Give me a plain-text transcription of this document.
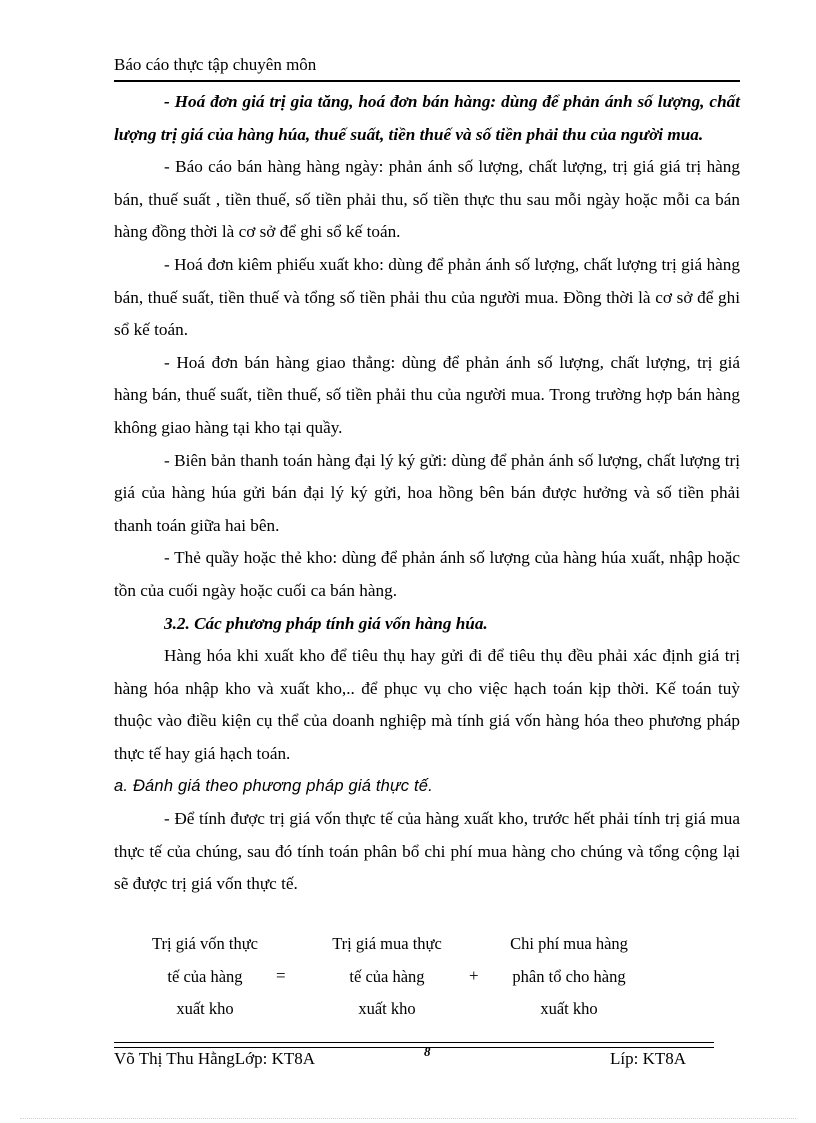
Báo cáo thực tập chuyên môn

- Hoá đơn giá trị gia tăng, hoá đơn bán hàng: dùng để phản ánh số lượng, chất lượng trị giá của hàng húa, thuế suất, tiền thuế và số tiền phải thu của người mua.

- Báo cáo bán hàng hàng ngày: phản ánh số lượng, chất lượng, trị giá giá trị hàng bán, thuế suất , tiền thuế, số tiền phải thu, số tiền thực thu sau mỗi ngày hoặc mỗi ca bán hàng đồng thời là cơ sở để ghi sổ kế toán.

- Hoá đơn kiêm phiếu xuất kho: dùng để phản ánh số lượng, chất lượng trị giá hàng bán, thuế suất, tiền thuế và tổng số tiền phải thu của người mua. Đồng thời là cơ sở để ghi sổ kế toán.

- Hoá đơn bán hàng giao thẳng: dùng để phản ánh số lượng, chất lượng, trị giá hàng bán, thuế suất, tiền thuế, số tiền phải thu của người mua. Trong trường hợp bán hàng không giao hàng tại kho tại quầy.

- Biên bản thanh toán hàng đại lý ký gửi: dùng để phản ánh số lượng, chất lượng trị giá của hàng húa gửi bán đại lý ký gửi, hoa hồng bên bán được hưởng và số tiền phải thanh toán giữa hai bên.

- Thẻ quầy hoặc thẻ kho: dùng để phản ánh số lượng của hàng húa xuất, nhập hoặc tồn của cuối ngày hoặc cuối ca bán hàng.

3.2. Các phương pháp tính giá vốn hàng húa.

Hàng hóa khi xuất kho để tiêu thụ hay gửi đi để tiêu thụ đều phải xác định giá trị hàng hóa nhập kho và xuất kho,.. để phục vụ cho việc hạch toán kịp thời. Kế toán tuỳ thuộc vào điều kiện cụ thể của doanh nghiệp mà tính giá vốn hàng hóa theo phương pháp thực tế hay giá hạch toán.

a. Đánh giá theo phương pháp giá thực tế.

- Để tính được trị giá vốn thực tế của hàng xuất kho, trước hết phải tính trị giá mua thực tế của chúng, sau đó tính toán phân bổ chi phí mua hàng cho chúng và tổng cộng lại sẽ được trị giá vốn thực tế.

Trị giá vốn thực
tế của hàng
xuất kho
=
Trị giá mua thực
tế của hàng
xuất kho
+
Chi phí mua hàng
phân tổ cho hàng
xuất kho
8
Võ Thị Thu HằngLớp: KT8A	Líp: KT8A
